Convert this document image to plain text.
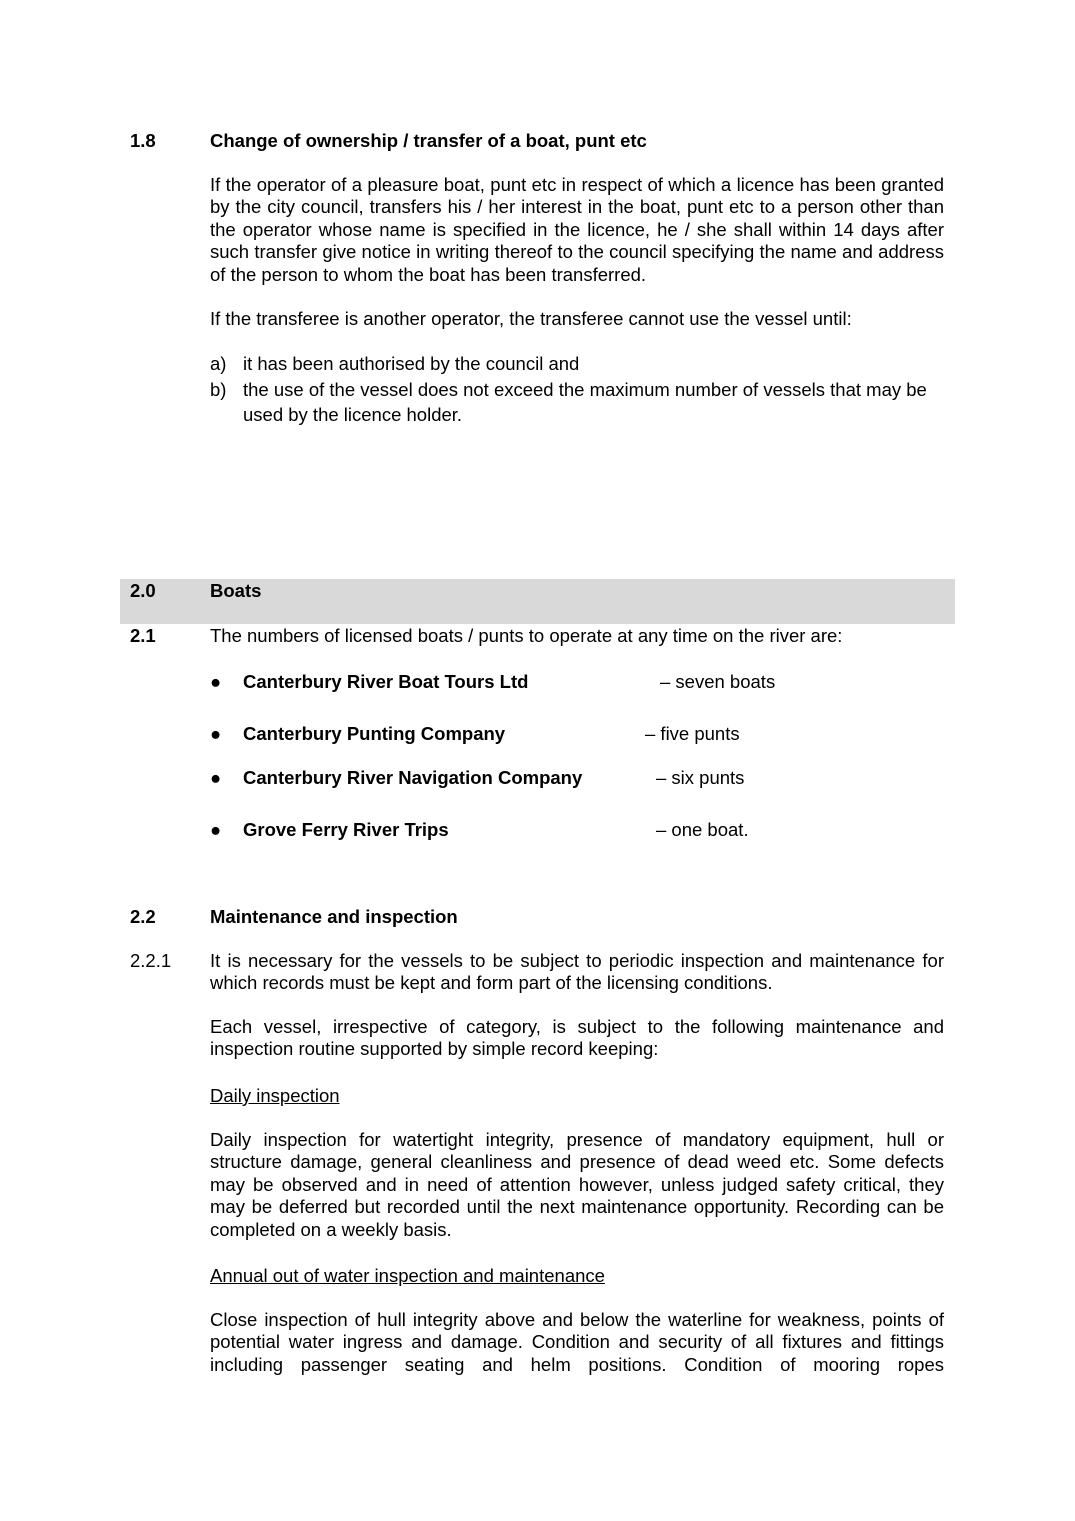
1.8	Change of ownership / transfer of a boat, punt etc

If the operator of a pleasure boat, punt etc in respect of which a licence has been granted by the city council, transfers his / her interest in the boat, punt etc to a person other than the operator whose name is specified in the licence, he / she shall within 14 days after such transfer give notice in writing thereof to the council specifying the name and address of the person to whom the boat has been transferred.

If the transferee is another operator, the transferee cannot use the vessel until:
a) it has been authorised by the council and
b) the use of the vessel does not exceed the maximum number of vessels that may be used by the licence holder.
2.0	Boats
2.1	The numbers of licensed boats / punts to operate at any time on the river are:
● Canterbury River Boat Tours Ltd	– seven boats
● Canterbury Punting Company	– five punts
● Canterbury River Navigation Company	– six punts
● Grove Ferry River Trips	– one boat.
2.2	Maintenance and inspection
2.2.1 It is necessary for the vessels to be subject to periodic inspection and maintenance for which records must be kept and form part of the licensing conditions.

Each vessel, irrespective of category, is subject to the following maintenance and inspection routine supported by simple record keeping:

Daily inspection

Daily inspection for watertight integrity, presence of mandatory equipment, hull or structure damage, general cleanliness and presence of dead weed etc. Some defects may be observed and in need of attention however, unless judged safety critical, they may be deferred but recorded until the next maintenance opportunity. Recording can be completed on a weekly basis.

Annual out of water inspection and maintenance

Close inspection of hull integrity above and below the waterline for weakness, points of potential water ingress and damage. Condition and security of all fixtures and fittings including passenger seating and helm positions. Condition of mooring ropes
